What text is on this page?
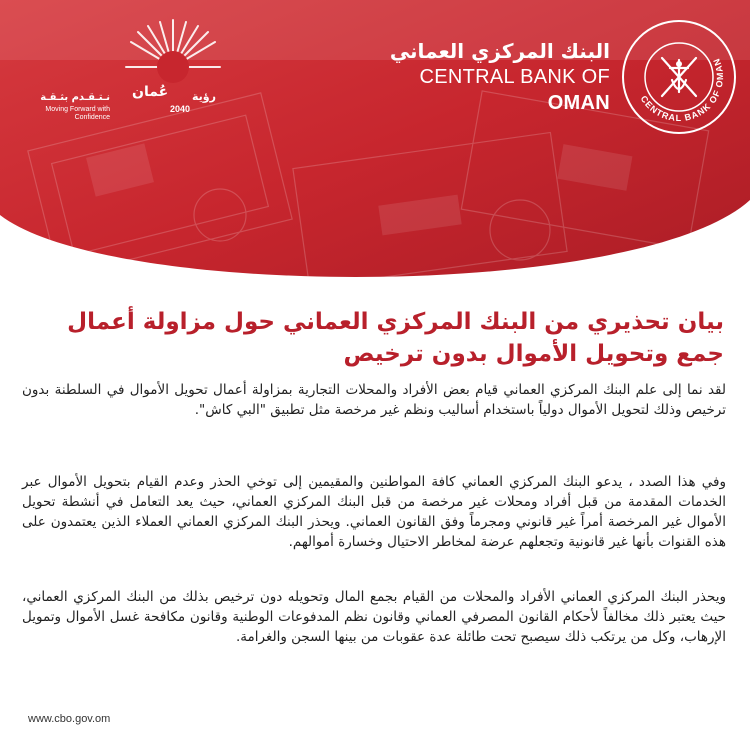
نـتـقـدم بثـقـة
Moving Forward with Confidence
عُمان رؤية
2040
البنك المركزي العماني
CENTRAL BANK OF OMAN	CENTRAL BANK OF OMAN
بيان تحذيري من البنك المركزي العماني حول مزاولة أعمال جمع وتحويل الأموال بدون ترخيص

لقد نما إلى علم البنك المركزي العماني قيام بعض الأفراد والمحلات التجارية بمزاولة أعمال تحويل الأموال في السلطنة بدون ترخيص وذلك لتحويل الأموال دولياً باستخدام أساليب ونظم غير مرخصة مثل تطبيق "البي كاش".

وفي هذا الصدد ، يدعو البنك المركزي العماني كافة المواطنين والمقيمين إلى توخي الحذر وعدم القيام بتحويل الأموال عبر الخدمات المقدمة من قبل أفراد ومحلات غير مرخصة من قبل البنك المركزي العماني، حيث يعد التعامل في أنشطة تحويل الأموال غير المرخصة أمراً غير قانوني ومجرماً وفق القانون العماني. ويحذر البنك المركزي العماني العملاء الذين يعتمدون على هذه القنوات بأنها غير قانونية وتجعلهم عرضة لمخاطر الاحتيال وخسارة أموالهم.

ويحذر البنك المركزي العماني الأفراد والمحلات من القيام بجمع المال وتحويله دون ترخيص بذلك من البنك المركزي العماني، حيث يعتبر ذلك مخالفاً لأحكام القانون المصرفي العماني وقانون نظم المدفوعات الوطنية وقانون مكافحة غسل الأموال وتمويل الإرهاب، وكل من يرتكب ذلك سيصبح تحت طائلة عدة عقوبات من بينها السجن والغرامة.

www.cbo.gov.om
